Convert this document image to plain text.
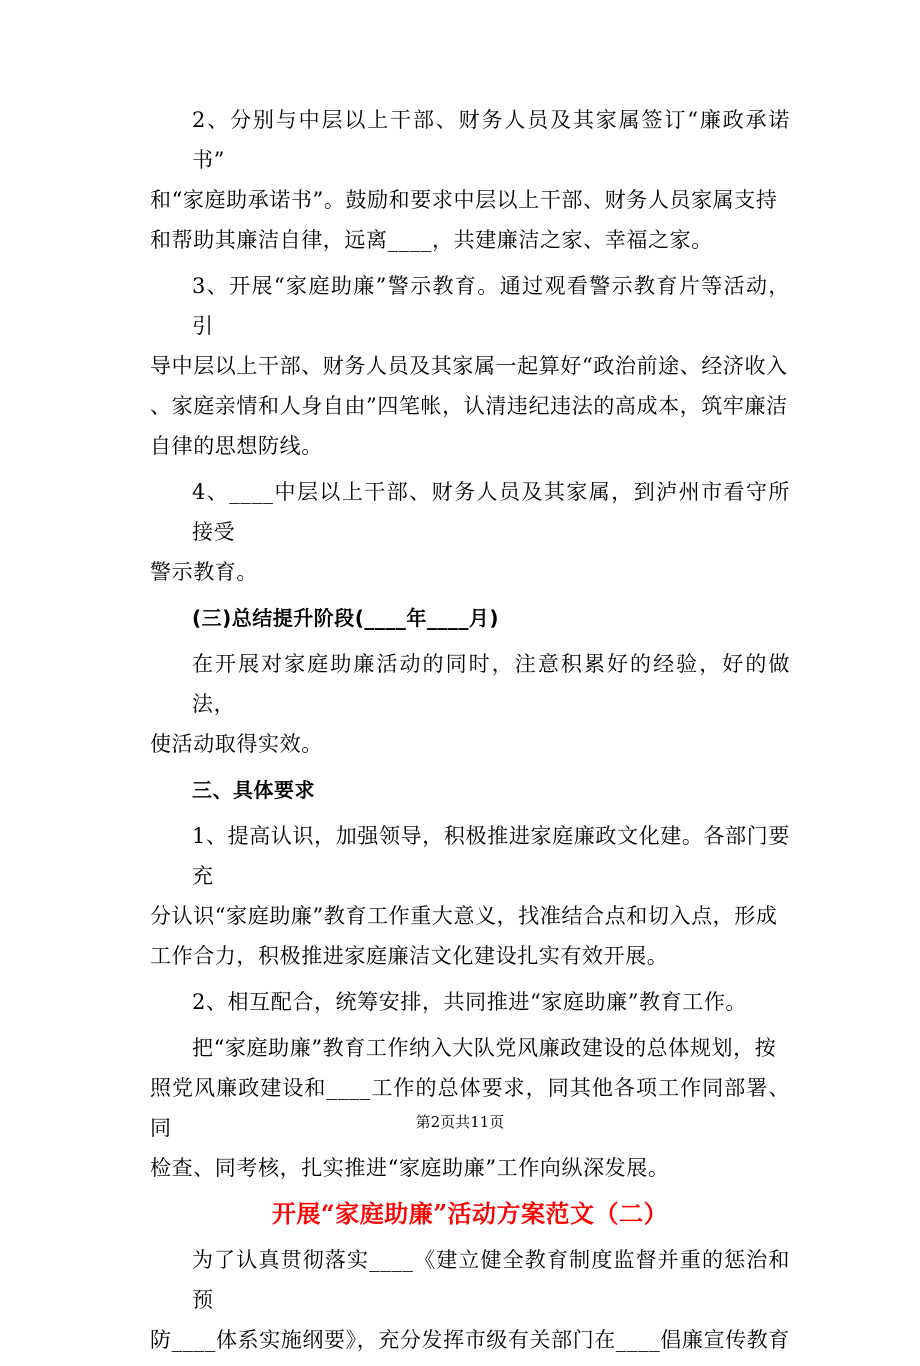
2、分别与中层以上干部、财务人员及其家属签订“廉政承诺书”
和“家庭助承诺书”。鼓励和要求中层以上干部、财务人员家属支持
和帮助其廉洁自律，远离____，共建廉洁之家、幸福之家。
3、开展“家庭助廉”警示教育。通过观看警示教育片等活动，引
导中层以上干部、财务人员及其家属一起算好“政治前途、经济收入
、家庭亲情和人身自由”四笔帐，认清违纪违法的高成本，筑牢廉洁
自律的思想防线。
4、____中层以上干部、财务人员及其家属，到泸州市看守所接受
警示教育。
(三)总结提升阶段(____年____月)
在开展对家庭助廉活动的同时，注意积累好的经验，好的做法，
使活动取得实效。
三、具体要求
1、提高认识，加强领导，积极推进家庭廉政文化建。各部门要充
分认识“家庭助廉”教育工作重大意义，找准结合点和切入点，形成
工作合力，积极推进家庭廉洁文化建设扎实有效开展。
2、相互配合，统筹安排，共同推进“家庭助廉”教育工作。
把“家庭助廉”教育工作纳入大队党风廉政建设的总体规划，按
照党风廉政建设和____工作的总体要求，同其他各项工作同部署、同
检查、同考核，扎实推进“家庭助廉”工作向纵深发展。
开展“家庭助廉”活动方案范文（二）
为了认真贯彻落实____《建立健全教育制度监督并重的惩治和预
防____体系实施纲要》，充分发挥市级有关部门在____倡廉宣传教育
第2页共11页
